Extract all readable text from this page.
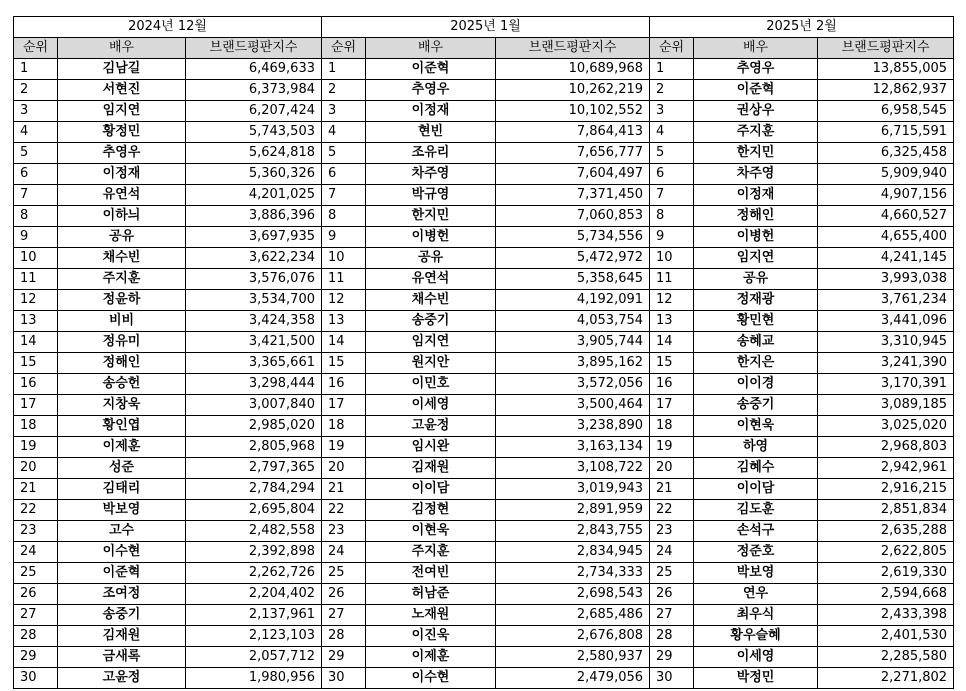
2024년 12월			2025년 1월			2025년 2월		
순위	배우	브랜드평판지수	순위	배우	브랜드평판지수	순위	배우	브랜드평판지수
1	김남길	6,469,633	1	이준혁	10,689,968	1	추영우	13,855,005
2	서현진	6,373,984	2	추영우	10,262,219	2	이준혁	12,862,937
3	임지연	6,207,424	3	이정재	10,102,552	3	권상우	6,958,545
4	황정민	5,743,503	4	현빈	7,864,413	4	주지훈	6,715,591
5	추영우	5,624,818	5	조유리	7,656,777	5	한지민	6,325,458
6	이정재	5,360,326	6	차주영	7,604,497	6	차주영	5,909,940
7	유연석	4,201,025	7	박규영	7,371,450	7	이정재	4,907,156
8	이하늬	3,886,396	8	한지민	7,060,853	8	정해인	4,660,527
9	공유	3,697,935	9	이병헌	5,734,556	9	이병헌	4,655,400
10	채수빈	3,622,234	10	공유	5,472,972	10	임지연	4,241,145
11	주지훈	3,576,076	11	유연석	5,358,645	11	공유	3,993,038
12	정윤하	3,534,700	12	채수빈	4,192,091	12	정재광	3,761,234
13	비비	3,424,358	13	송중기	4,053,754	13	황민현	3,441,096
14	정유미	3,421,500	14	임지연	3,905,744	14	송혜교	3,310,945
15	정해인	3,365,661	15	원지안	3,895,162	15	한지은	3,241,390
16	송승헌	3,298,444	16	이민호	3,572,056	16	이이경	3,170,391
17	지창욱	3,007,840	17	이세영	3,500,464	17	송중기	3,089,185
18	황인엽	2,985,020	18	고윤정	3,238,890	18	이현욱	3,025,020
19	이제훈	2,805,968	19	임시완	3,163,134	19	하영	2,968,803
20	성준	2,797,365	20	김재원	3,108,722	20	김혜수	2,942,961
21	김태리	2,784,294	21	이이담	3,019,943	21	이이담	2,916,215
22	박보영	2,695,804	22	김정현	2,891,959	22	김도훈	2,851,834
23	고수	2,482,558	23	이현욱	2,843,755	23	손석구	2,635,288
24	이수현	2,392,898	24	주지훈	2,834,945	24	정준호	2,622,805
25	이준혁	2,262,726	25	전여빈	2,734,333	25	박보영	2,619,330
26	조여정	2,204,402	26	허남준	2,698,543	26	연우	2,594,668
27	송중기	2,137,961	27	노재원	2,685,486	27	최우식	2,433,398
28	김재원	2,123,103	28	이진욱	2,676,808	28	황우슬혜	2,401,530
29	금새록	2,057,712	29	이제훈	2,580,937	29	이세영	2,285,580
30	고윤정	1,980,956	30	이수현	2,479,056	30	박정민	2,271,802
